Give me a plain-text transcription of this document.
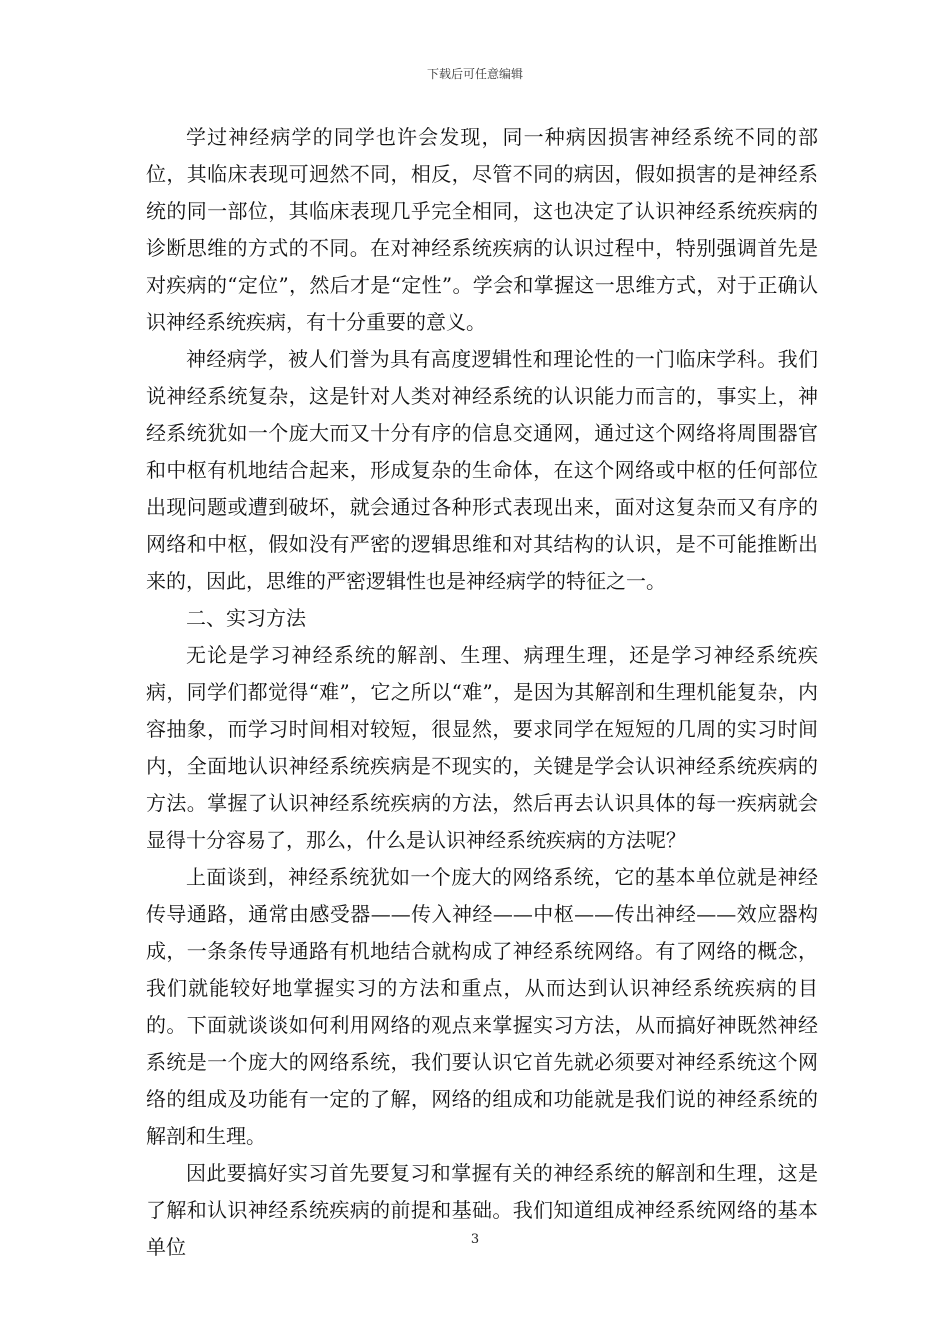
下载后可任意编辑

学过神经病学的同学也许会发现，同一种病因损害神经系统不同的部位，其临床表现可迥然不同，相反，尽管不同的病因，假如损害的是神经系统的同一部位，其临床表现几乎完全相同，这也决定了认识神经系统疾病的诊断思维的方式的不同。在对神经系统疾病的认识过程中，特别强调首先是对疾病的“定位”，然后才是“定性”。学会和掌握这一思维方式，对于正确认识神经系统疾病，有十分重要的意义。

神经病学，被人们誉为具有高度逻辑性和理论性的一门临床学科。我们说神经系统复杂，这是针对人类对神经系统的认识能力而言的，事实上，神经系统犹如一个庞大而又十分有序的信息交通网，通过这个网络将周围器官和中枢有机地结合起来，形成复杂的生命体，在这个网络或中枢的任何部位出现问题或遭到破坏，就会通过各种形式表现出来，面对这复杂而又有序的网络和中枢，假如没有严密的逻辑思维和对其结构的认识，是不可能推断出来的，因此，思维的严密逻辑性也是神经病学的特征之一。

二、实习方法

无论是学习神经系统的解剖、生理、病理生理，还是学习神经系统疾病，同学们都觉得“难”，它之所以“难”，是因为其解剖和生理机能复杂，内容抽象，而学习时间相对较短，很显然，要求同学在短短的几周的实习时间内，全面地认识神经系统疾病是不现实的，关键是学会认识神经系统疾病的方法。掌握了认识神经系统疾病的方法，然后再去认识具体的每一疾病就会显得十分容易了，那么，什么是认识神经系统疾病的方法呢？

上面谈到，神经系统犹如一个庞大的网络系统，它的基本单位就是神经传导通路，通常由感受器——传入神经——中枢——传出神经——效应器构成，一条条传导通路有机地结合就构成了神经系统网络。有了网络的概念，我们就能较好地掌握实习的方法和重点，从而达到认识神经系统疾病的目的。下面就谈谈如何利用网络的观点来掌握实习方法，从而搞好神既然神经系统是一个庞大的网络系统，我们要认识它首先就必须要对神经系统这个网络的组成及功能有一定的了解，网络的组成和功能就是我们说的神经系统的解剖和生理。

因此要搞好实习首先要复习和掌握有关的神经系统的解剖和生理，这是了解和认识神经系统疾病的前提和基础。我们知道组成神经系统网络的基本单位	3
